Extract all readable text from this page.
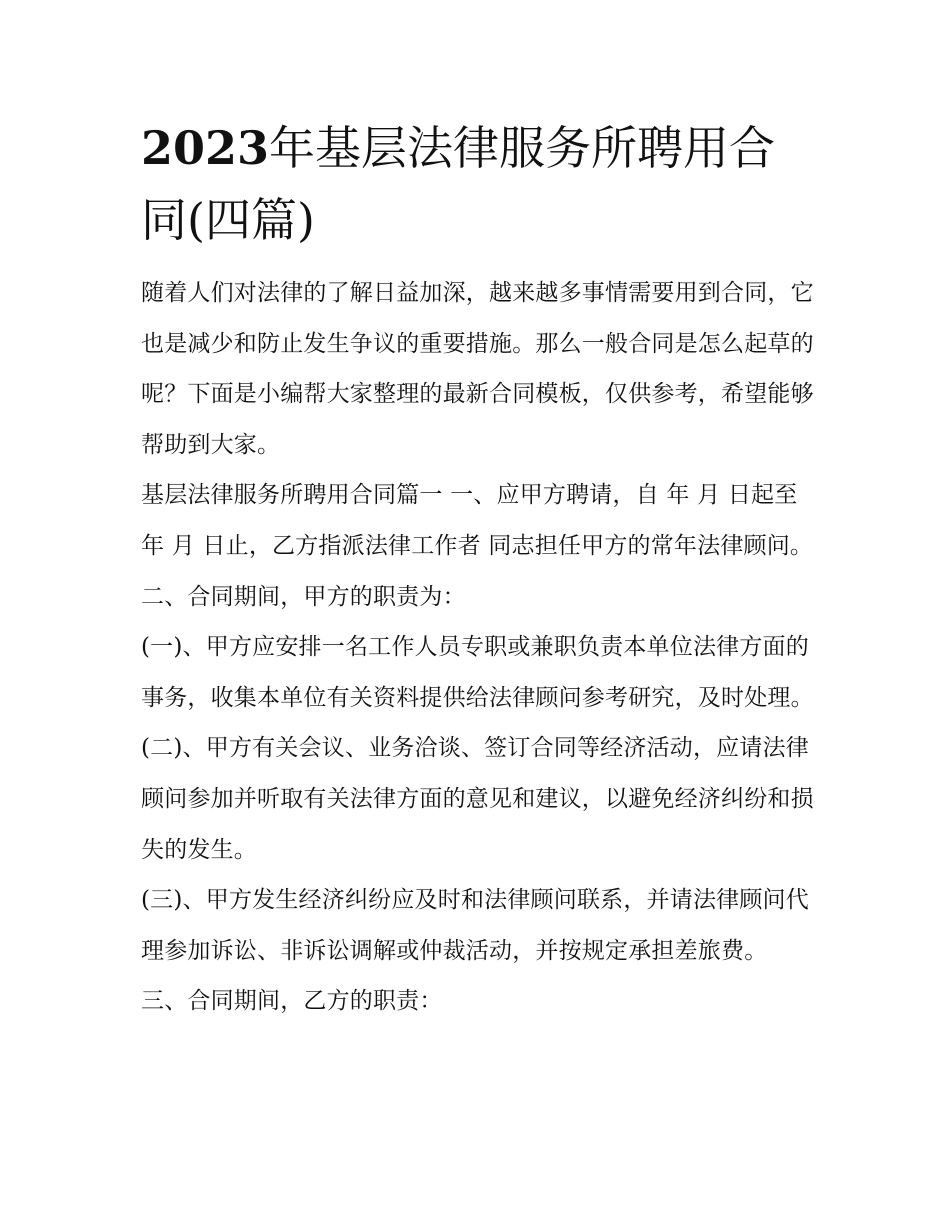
2023年基层法律服务所聘用合同(四篇)

随着人们对法律的了解日益加深，越来越多事情需要用到合同，它也是减少和防止发生争议的重要措施。那么一般合同是怎么起草的呢？下面是小编帮大家整理的最新合同模板，仅供参考，希望能够帮助到大家。

基层法律服务所聘用合同篇一 一、应甲方聘请，自 年 月 日起至 年 月 日止，乙方指派法律工作者 同志担任甲方的常年法律顾问。 二、合同期间，甲方的职责为：

(一)、甲方应安排一名工作人员专职或兼职负责本单位法律方面的事务，收集本单位有关资料提供给法律顾问参考研究，及时处理。

(二)、甲方有关会议、业务洽谈、签订合同等经济活动，应请法律顾问参加并听取有关法律方面的意见和建议，以避免经济纠纷和损失的发生。

(三)、甲方发生经济纠纷应及时和法律顾问联系，并请法律顾问代理参加诉讼、非诉讼调解或仲裁活动，并按规定承担差旅费。 三、合同期间，乙方的职责：
